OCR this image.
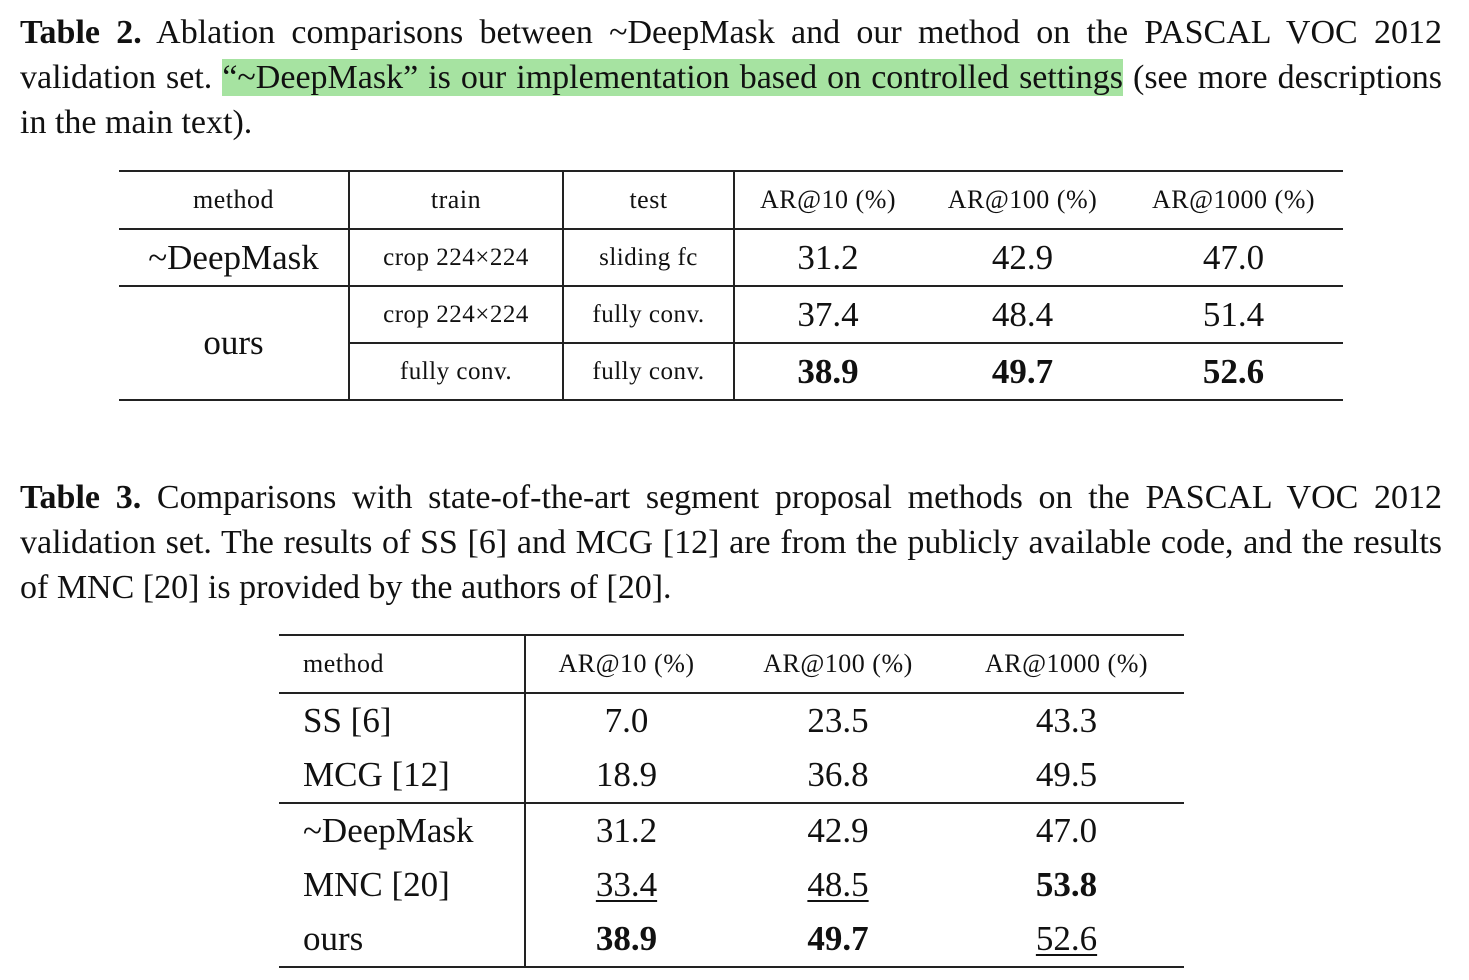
Table 2. Ablation comparisons between ~DeepMask and our method on the PASCAL VOC 2012 validation set. “~DeepMask” is our implementation based on controlled settings (see more descriptions in the main text).
method	train	test	AR@10 (%)	AR@100 (%)	AR@1000 (%)
~DeepMask	crop 224×224	sliding fc	31.2	42.9	47.0
ours	crop 224×224	fully conv.	37.4	48.4	51.4
	fully conv.	fully conv.	38.9	49.7	52.6
Table 3. Comparisons with state-of-the-art segment proposal methods on the PASCAL VOC 2012 validation set. The results of SS [6] and MCG [12] are from the publicly available code, and the results of MNC [20] is provided by the authors of [20].
method	AR@10 (%)	AR@100 (%)	AR@1000 (%)
SS [6]	7.0	23.5	43.3
MCG [12]	18.9	36.8	49.5
~DeepMask	31.2	42.9	47.0
MNC [20]	33.4	48.5	53.8
ours	38.9	49.7	52.6
